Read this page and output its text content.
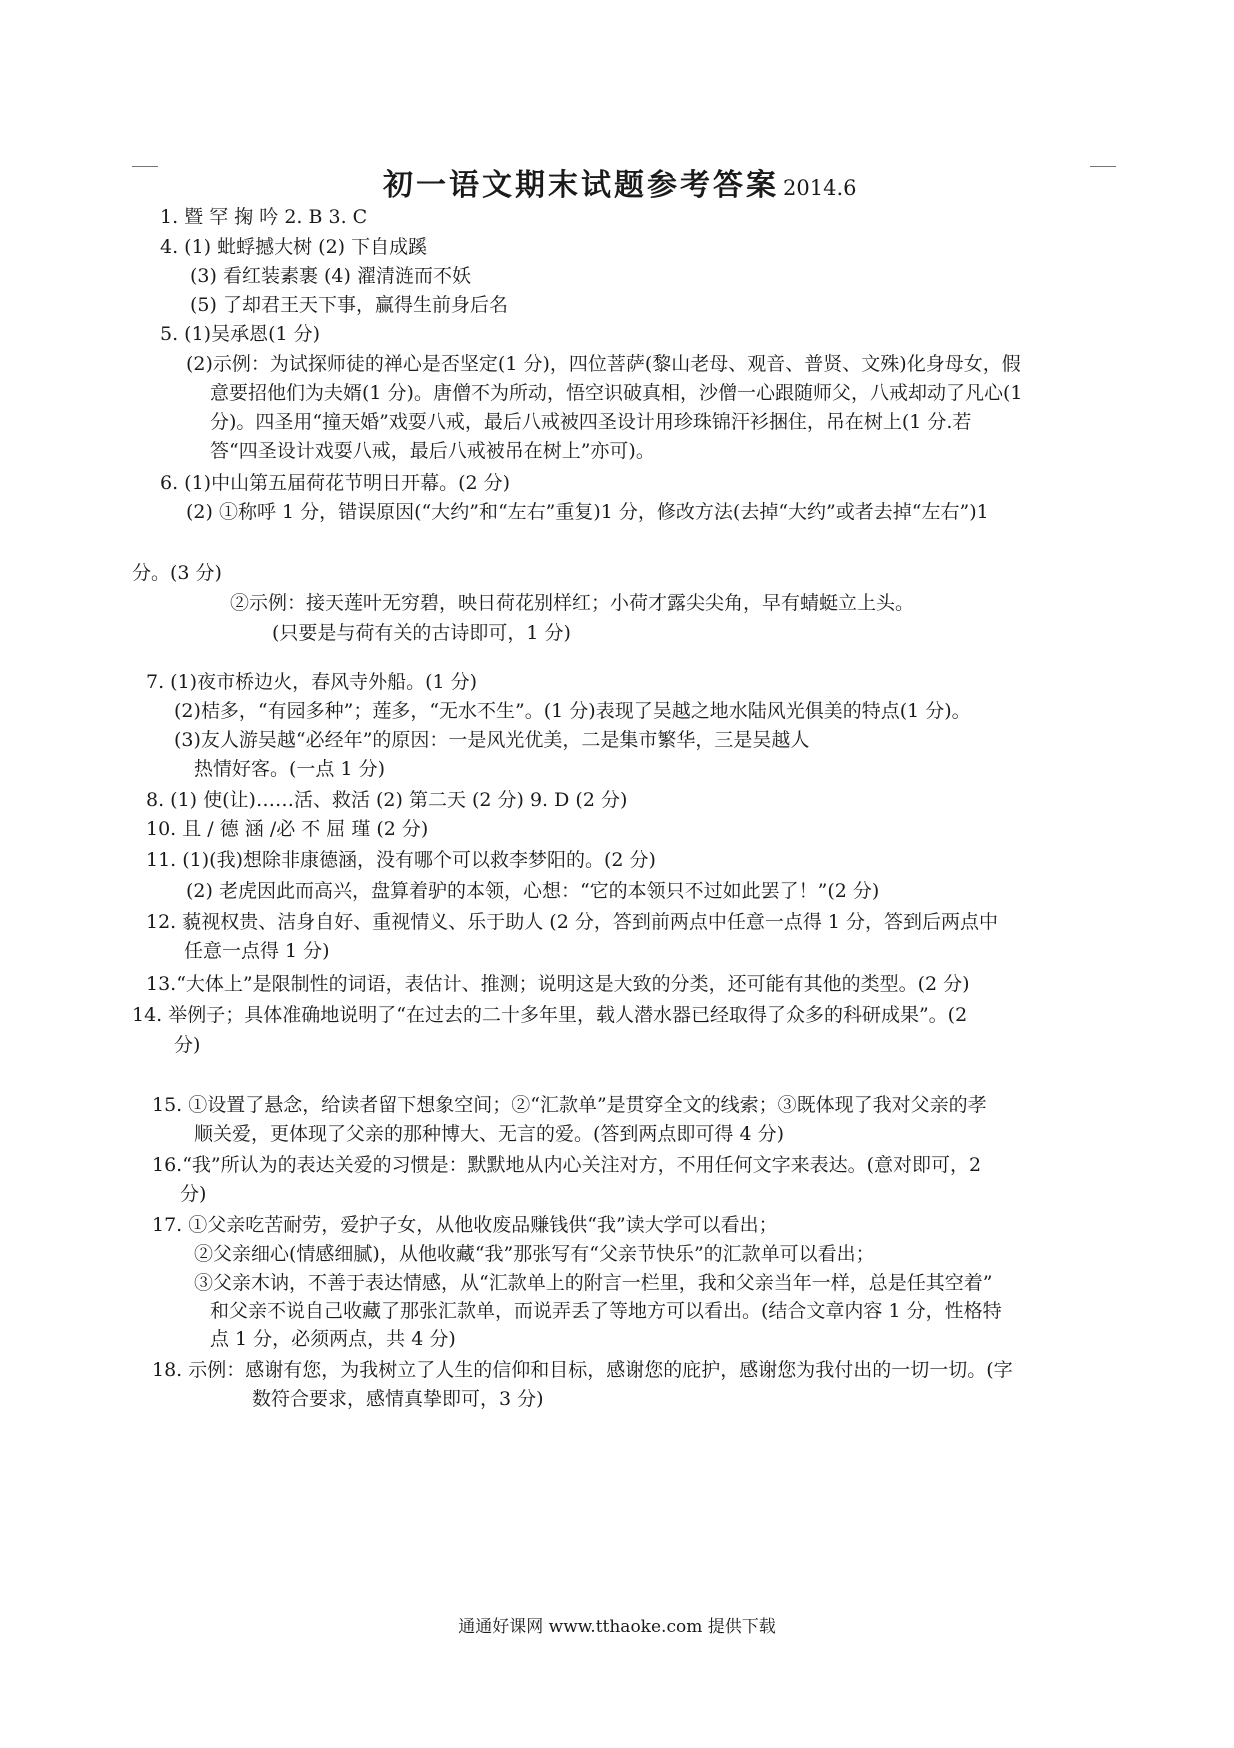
初一语文期末试题参考答案 2014.6
1. 暨 罕 掬 吟 2. B 3. C
4. (1) 蚍蜉撼大树 (2) 下自成蹊
(3) 看红装素裹 (4) 濯清涟而不妖
(5) 了却君王天下事，赢得生前身后名
5. (1)吴承恩(1 分)
(2)示例：为试探师徒的禅心是否坚定(1 分)，四位菩萨(黎山老母、观音、普贤、文殊)化身母女，假
意要招他们为夫婿(1 分)。唐僧不为所动，悟空识破真相，沙僧一心跟随师父，八戒却动了凡心(1
分)。四圣用“撞天婚”戏耍八戒，最后八戒被四圣设计用珍珠锦汗衫捆住，吊在树上(1 分.若
答“四圣设计戏耍八戒，最后八戒被吊在树上”亦可)。
6. (1)中山第五届荷花节明日开幕。(2 分)
(2) ①称呼 1 分，错误原因(“大约”和“左右”重复)1 分，修改方法(去掉“大约”或者去掉“左右”)1
分。(3 分)
②示例：接天莲叶无穷碧，映日荷花别样红；小荷才露尖尖角，早有蜻蜓立上头。
(只要是与荷有关的古诗即可，1 分)
7. (1)夜市桥边火，春风寺外船。(1 分)
(2)桔多，“有园多种”；莲多，“无水不生”。(1 分)表现了吴越之地水陆风光俱美的特点(1 分)。
(3)友人游吴越“必经年”的原因：一是风光优美，二是集市繁华，三是吴越人
热情好客。(一点 1 分)
8. (1) 使(让)……活、救活 (2) 第二天 (2 分) 9. D (2 分)
10. 且 / 德 涵 /必 不 屈 瑾 (2 分)
11. (1)(我)想除非康德涵，没有哪个可以救李梦阳的。(2 分)
(2) 老虎因此而高兴，盘算着驴的本领，心想：“它的本领只不过如此罢了！”(2 分)
12. 藐视权贵、洁身自好、重视情义、乐于助人 (2 分，答到前两点中任意一点得 1 分，答到后两点中
任意一点得 1 分)
13.“大体上”是限制性的词语，表估计、推测；说明这是大致的分类，还可能有其他的类型。(2 分)
14. 举例子；具体准确地说明了“在过去的二十多年里，载人潜水器已经取得了众多的科研成果”。(2
分)
15. ①设置了悬念，给读者留下想象空间；②“汇款单”是贯穿全文的线索；③既体现了我对父亲的孝
顺关爱，更体现了父亲的那种博大、无言的爱。(答到两点即可得 4 分)
16.“我”所认为的表达关爱的习惯是：默默地从内心关注对方，不用任何文字来表达。(意对即可，2
分)
17. ①父亲吃苦耐劳，爱护子女，从他收废品赚钱供“我”读大学可以看出；
②父亲细心(情感细腻)，从他收藏“我”那张写有“父亲节快乐”的汇款单可以看出；
③父亲木讷，不善于表达情感，从“汇款单上的附言一栏里，我和父亲当年一样，总是任其空着”
和父亲不说自己收藏了那张汇款单，而说弄丢了等地方可以看出。(结合文章内容 1 分，性格特
点 1 分，必须两点，共 4 分)
18. 示例：感谢有您，为我树立了人生的信仰和目标，感谢您的庇护，感谢您为我付出的一切一切。(字
数符合要求，感情真挚即可，3 分)
通通好课网 www.tthaoke.com 提供下载
